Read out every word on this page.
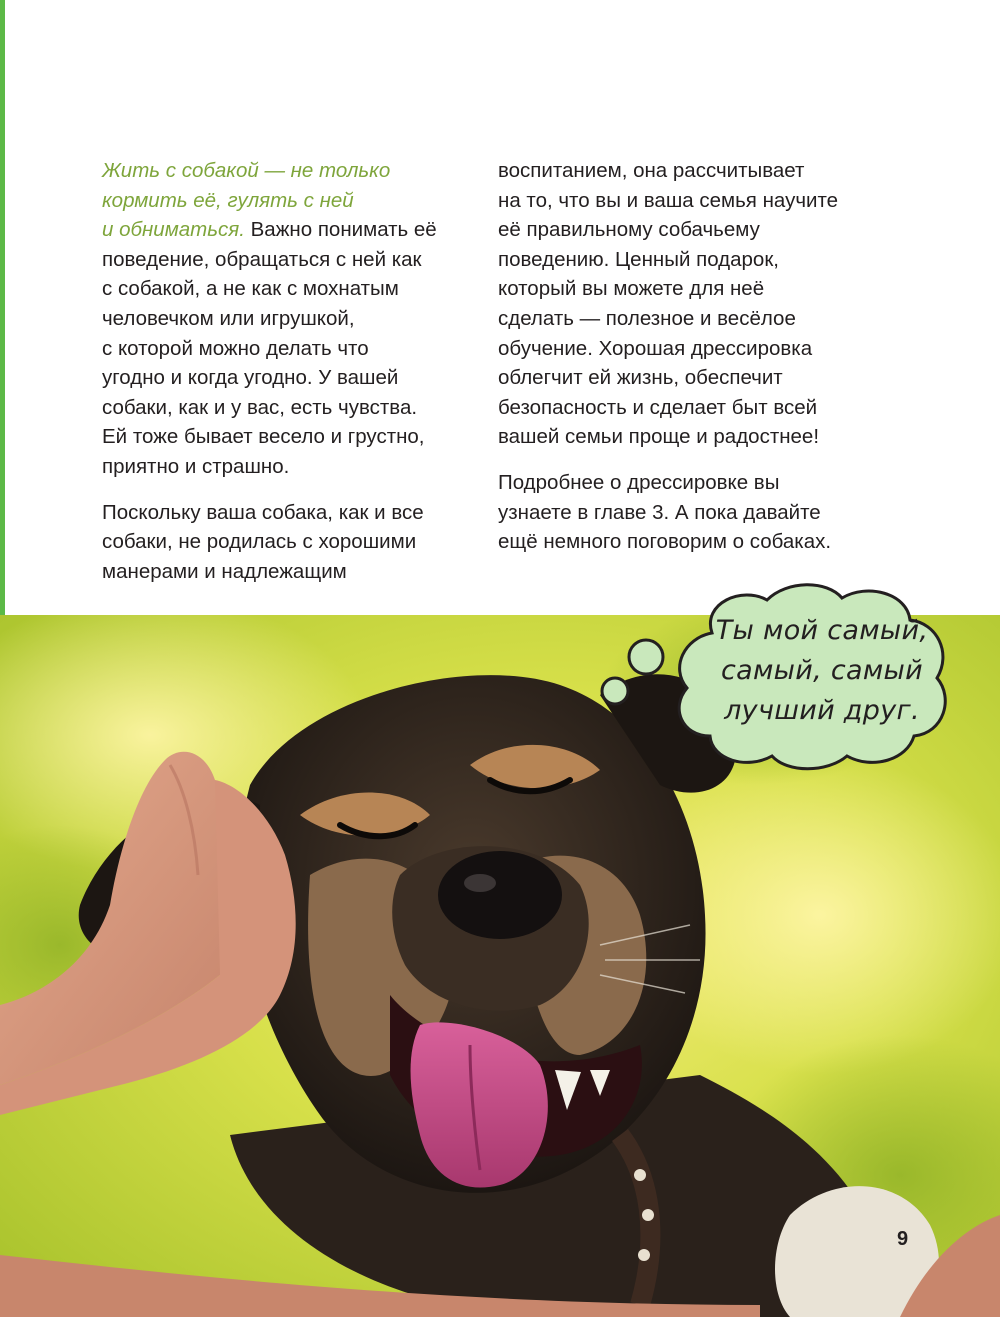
Жить с собакой — не только
кормить её, гулять с ней
и обниматься. Важно понимать её
поведение, обращаться с ней как
с собакой, а не как с мохнатым
человечком или игрушкой,
с которой можно делать что
угодно и когда угодно. У вашей
собаки, как и у вас, есть чувства.
Ей тоже бывает весело и грустно,
приятно и страшно.

Поскольку ваша собака, как и все
собаки, не родилась с хорошими
манерами и надлежащим

воспитанием, она рассчитывает
на то, что вы и ваша семья научите
её правильному собачьему
поведению. Ценный подарок,
который вы можете для неё
сделать — полезное и весёлое
обучение. Хорошая дрессировка
облегчит ей жизнь, обеспечит
безопасность и сделает быт всей
вашей семьи проще и радостнее!

Подробнее о дрессировке вы
узнаете в главе 3. А пока давайте
ещё немного поговорим о собаках.

Ты мой самый,
самый, самый
лучший друг.
9
